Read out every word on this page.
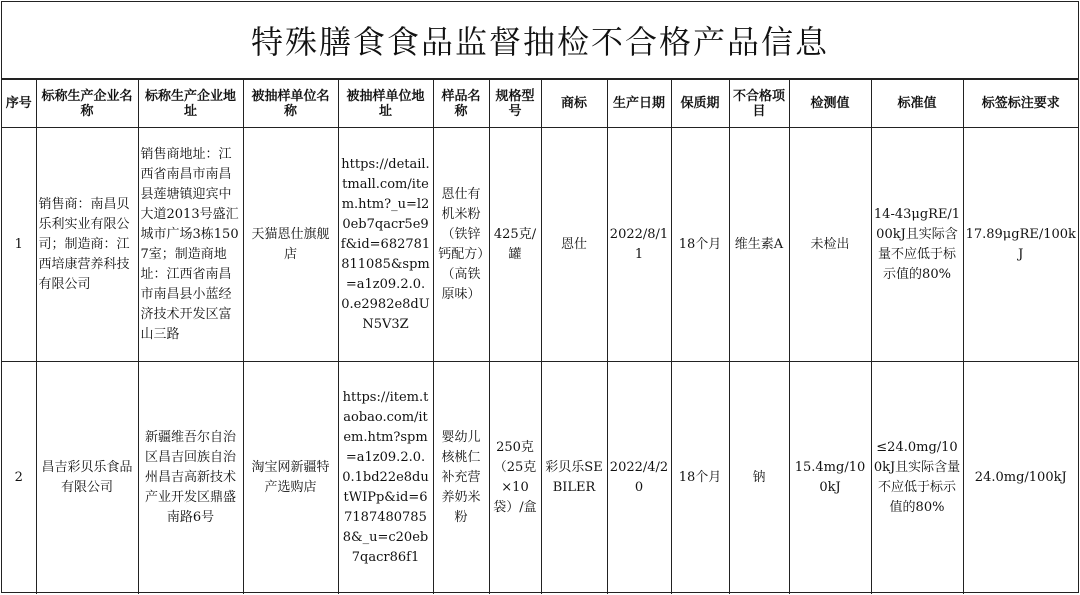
特殊膳食食品监督抽检不合格产品信息
序号	标称生产企业名称	标称生产企业地址	被抽样单位名称	被抽样单位地址	样品名称	规格型号	商标	生产日期	保质期	不合格项目	检测值	标准值	标签标注要求
1	销售商：南昌贝乐利实业有限公司；制造商：江西培康营养科技有限公司	销售商地址：江西省南昌市南昌县莲塘镇迎宾中大道2013号盛汇城市广场3栋1507室；制造商地址：江西省南昌市南昌县小蓝经济技术开发区富山三路	天猫恩仕旗舰店	https://detail.tmall.com/item.htm?_u=l20eb7qacr5e9f&id=682781811085&spm=a1z09.2.0.0.e2982e8dUN5V3Z	恩仕有机米粉（铁锌钙配方）（高铁原味）	425克/罐	恩仕	2022/8/11	18个月	维生素A	未检出	14-43μgRE/100kJ且实际含量不应低于标示值的80%	17.89μgRE/100kJ
2	昌吉彩贝乐食品有限公司	新疆维吾尔自治区昌吉回族自治州昌吉高新技术产业开发区鼎盛南路6号	淘宝网新疆特产选购店	https://item.taobao.com/item.htm?spm=a1z09.2.0.0.1bd22e8dutWIPp&id=671874807858&_u=c20eb7qacr86f1	婴幼儿核桃仁补充营养奶米粉	250克（25克×10袋）/盒	彩贝乐SEBILER	2022/4/20	18个月	钠	15.4mg/100kJ	≤24.0mg/100kJ且实际含量不应低于标示值的80%	24.0mg/100kJ
